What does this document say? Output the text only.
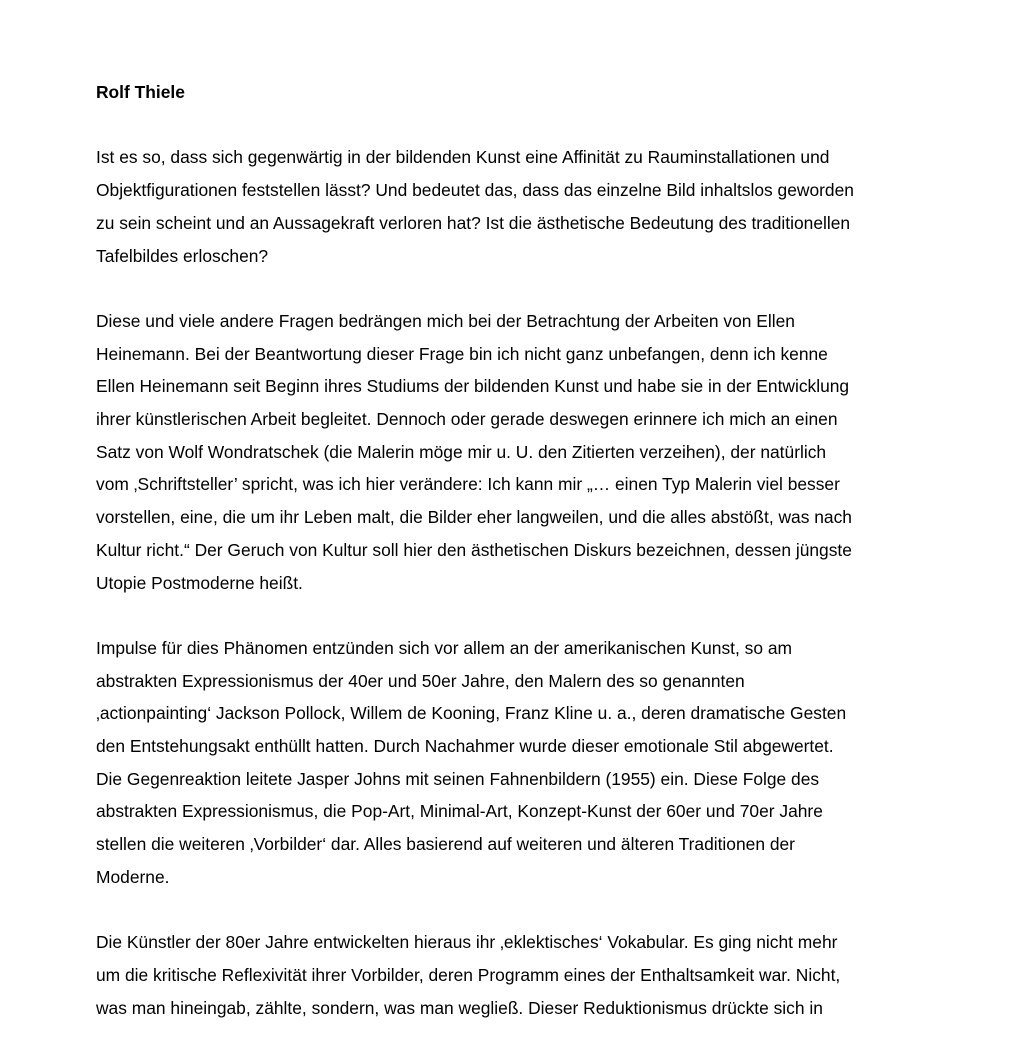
Rolf Thiele
Ist es so, dass sich gegenwärtig in der bildenden Kunst eine Affinität zu Rauminstallationen und
Objektfigurationen feststellen lässt? Und bedeutet das, dass das einzelne Bild inhaltslos geworden
zu sein scheint und an Aussagekraft verloren hat? Ist die ästhetische Bedeutung des traditionellen
Tafelbildes erloschen?
Diese und viele andere Fragen bedrängen mich bei der Betrachtung der Arbeiten von Ellen
Heinemann. Bei der Beantwortung dieser Frage bin ich nicht ganz unbefangen, denn ich kenne
Ellen Heinemann seit Beginn ihres Studiums der bildenden Kunst und habe sie in der Entwicklung
ihrer künstlerischen Arbeit begleitet. Dennoch oder gerade deswegen erinnere ich mich an einen
Satz von Wolf Wondratschek (die Malerin möge mir u. U. den Zitierten verzeihen), der natürlich
vom ‚Schriftsteller’ spricht, was ich hier verändere: Ich kann mir „… einen Typ Malerin viel besser
vorstellen, eine, die um ihr Leben malt, die Bilder eher langweilen, und die alles abstößt, was nach
Kultur richt.“ Der Geruch von Kultur soll hier den ästhetischen Diskurs bezeichnen, dessen jüngste
Utopie Postmoderne heißt.
Impulse für dies Phänomen entzünden sich vor allem an der amerikanischen Kunst, so am
abstrakten Expressionismus der 40er und 50er Jahre, den Malern des so genannten
‚actionpainting‘ Jackson Pollock, Willem de Kooning, Franz Kline u. a., deren dramatische Gesten
den Entstehungsakt enthüllt hatten. Durch Nachahmer wurde dieser emotionale Stil abgewertet.
Die Gegenreaktion leitete Jasper Johns mit seinen Fahnenbildern (1955) ein. Diese Folge des
abstrakten Expressionismus, die Pop-Art, Minimal-Art, Konzept-Kunst der 60er und 70er Jahre
stellen die weiteren ‚Vorbilder‘ dar. Alles basierend auf weiteren und älteren Traditionen der
Moderne.
Die Künstler der 80er Jahre entwickelten hieraus ihr ‚eklektisches‘ Vokabular. Es ging nicht mehr
um die kritische Reflexivität ihrer Vorbilder, deren Programm eines der Enthaltsamkeit war. Nicht,
was man hineingab, zählte, sondern, was man wegließ. Dieser Reduktionismus drückte sich in
